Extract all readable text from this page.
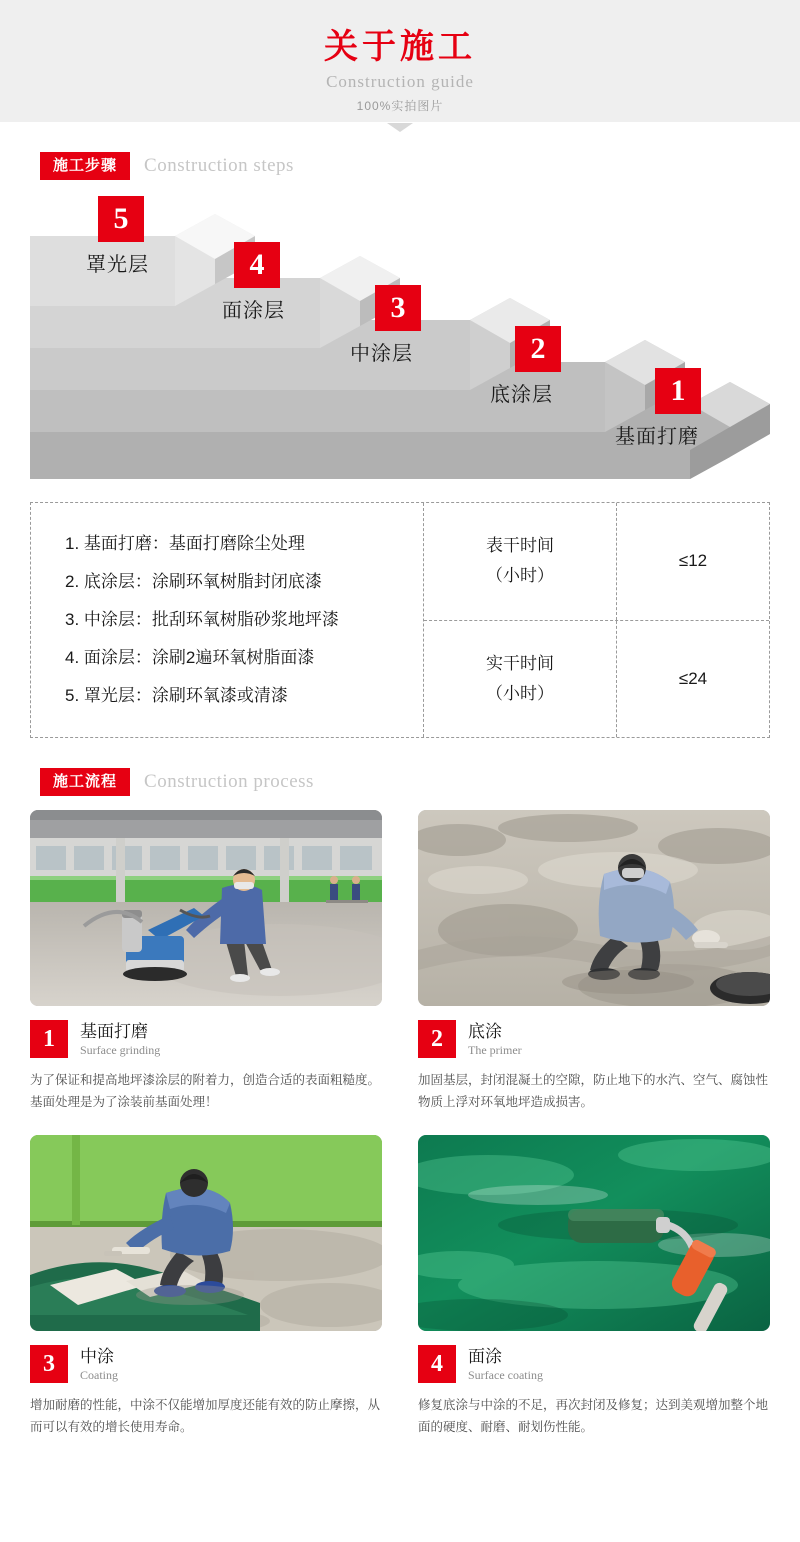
关于施工
Construction guide
100%实拍图片
施工步骤	Construction steps
5
罩光层	4
面涂层	3
中涂层	2
底涂层	1
基面打磨
1. 基面打磨：基面打磨除尘处理
2. 底涂层：涂刷环氧树脂封闭底漆
3. 中涂层：批刮环氧树脂砂浆地坪漆
4. 面涂层：涂刷2遍环氧树脂面漆
5. 罩光层：涂刷环氧漆或清漆
表干时间
（小时）
≤12
实干时间
（小时）
≤24
施工流程	Construction process
1	基面打磨
Surface grinding
为了保证和提高地坪漆涂层的附着力，创造合适的表面粗糙度。基面处理是为了涂装前基面处理！
2	底涂
The primer
加固基层，封闭混凝土的空隙，防止地下的水汽、空气、腐蚀性物质上浮对环氧地坪造成损害。
3	中涂
Coating
增加耐磨的性能，中涂不仅能增加厚度还能有效的防止摩擦，从而可以有效的增长使用寿命。
4	面涂
Surface coating
修复底涂与中涂的不足，再次封闭及修复；达到美观增加整个地面的硬度、耐磨、耐划伤性能。
